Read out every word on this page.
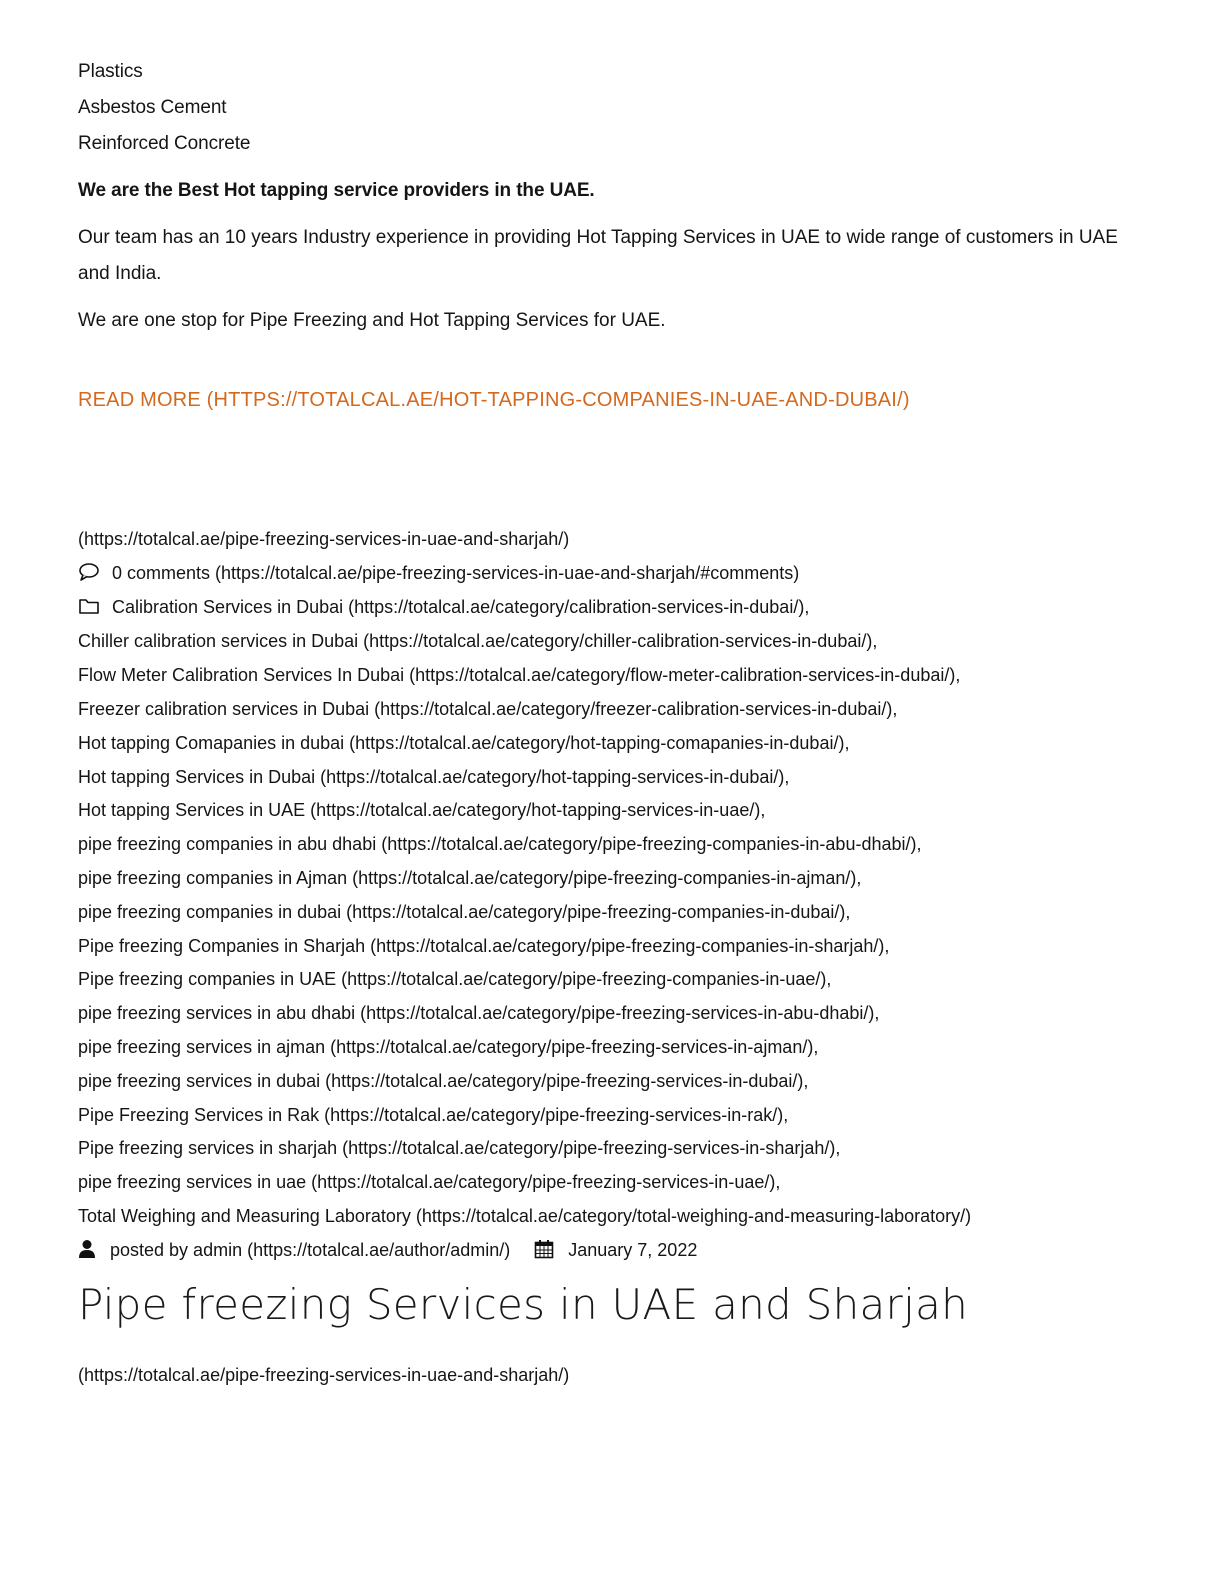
Plastics
Asbestos Cement
Reinforced Concrete
We are the Best Hot tapping service providers in the UAE.
Our team has an 10 years Industry experience in providing Hot Tapping Services in UAE to wide range of customers in UAE and India.
We are one stop for Pipe Freezing and Hot Tapping Services for UAE.
READ MORE (HTTPS://TOTALCAL.AE/HOT-TAPPING-COMPANIES-IN-UAE-AND-DUBAI/)
(https://totalcal.ae/pipe-freezing-services-in-uae-and-sharjah/)
0 comments (https://totalcal.ae/pipe-freezing-services-in-uae-and-sharjah/#comments)
Calibration Services in Dubai (https://totalcal.ae/category/calibration-services-in-dubai/),
Chiller calibration services in Dubai (https://totalcal.ae/category/chiller-calibration-services-in-dubai/),
Flow Meter Calibration Services In Dubai (https://totalcal.ae/category/flow-meter-calibration-services-in-dubai/),
Freezer calibration services in Dubai (https://totalcal.ae/category/freezer-calibration-services-in-dubai/),
Hot tapping Comapanies in dubai (https://totalcal.ae/category/hot-tapping-comapanies-in-dubai/),
Hot tapping Services in Dubai (https://totalcal.ae/category/hot-tapping-services-in-dubai/),
Hot tapping Services in UAE (https://totalcal.ae/category/hot-tapping-services-in-uae/),
pipe freezing companies in abu dhabi (https://totalcal.ae/category/pipe-freezing-companies-in-abu-dhabi/),
pipe freezing companies in Ajman (https://totalcal.ae/category/pipe-freezing-companies-in-ajman/),
pipe freezing companies in dubai (https://totalcal.ae/category/pipe-freezing-companies-in-dubai/),
Pipe freezing Companies in Sharjah (https://totalcal.ae/category/pipe-freezing-companies-in-sharjah/),
Pipe freezing companies in UAE (https://totalcal.ae/category/pipe-freezing-companies-in-uae/),
pipe freezing services in abu dhabi (https://totalcal.ae/category/pipe-freezing-services-in-abu-dhabi/),
pipe freezing services in ajman (https://totalcal.ae/category/pipe-freezing-services-in-ajman/),
pipe freezing services in dubai (https://totalcal.ae/category/pipe-freezing-services-in-dubai/),
Pipe Freezing Services in Rak (https://totalcal.ae/category/pipe-freezing-services-in-rak/),
Pipe freezing services in sharjah (https://totalcal.ae/category/pipe-freezing-services-in-sharjah/),
pipe freezing services in uae (https://totalcal.ae/category/pipe-freezing-services-in-uae/),
Total Weighing and Measuring Laboratory (https://totalcal.ae/category/total-weighing-and-measuring-laboratory/)
posted by admin (https://totalcal.ae/author/admin/)	January 7, 2022
Pipe freezing Services in UAE and Sharjah
(https://totalcal.ae/pipe-freezing-services-in-uae-and-sharjah/)
